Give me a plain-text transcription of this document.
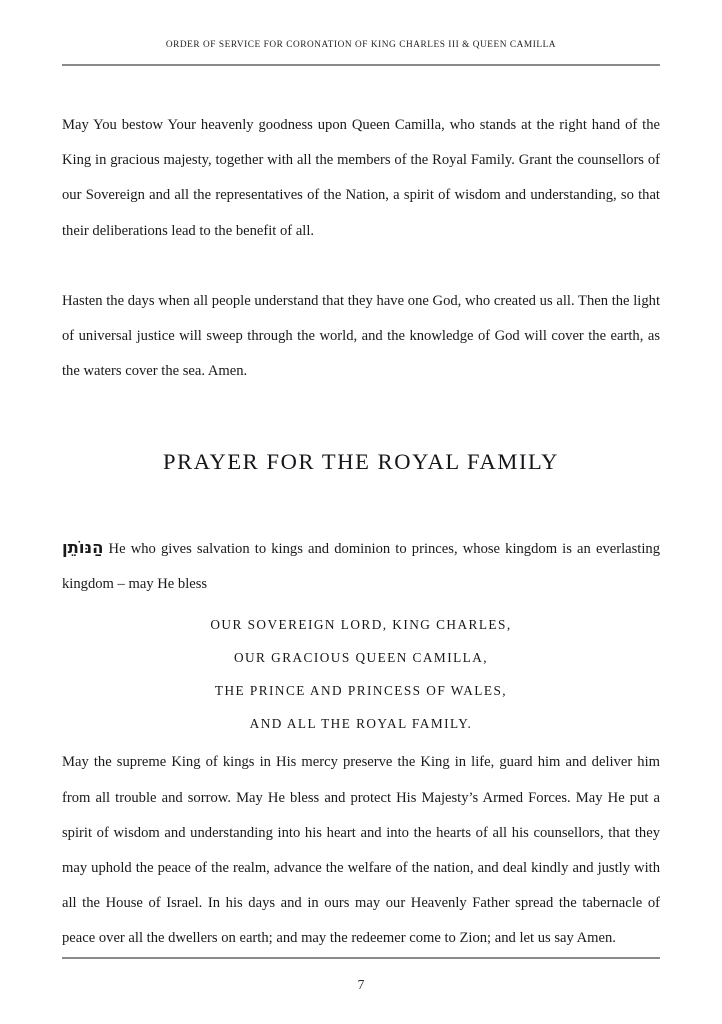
ORDER OF SERVICE FOR CORONATION OF KING CHARLES III & QUEEN CAMILLA

May You bestow Your heavenly goodness upon Queen Camilla, who stands at the right hand of the King in gracious majesty, together with all the members of the Royal Family. Grant the counsellors of our Sovereign and all the representatives of the Nation, a spirit of wisdom and understanding, so that their deliberations lead to the benefit of all.

Hasten the days when all people understand that they have one God, who created us all. Then the light of universal justice will sweep through the world, and the knowledge of God will cover the earth, as the waters cover the sea. Amen.

PRAYER FOR THE ROYAL FAMILY

הַנּוֹתֵן He who gives salvation to kings and dominion to princes, whose kingdom is an everlasting kingdom – may He bless

OUR SOVEREIGN LORD, KING CHARLES,
OUR GRACIOUS QUEEN CAMILLA,
THE PRINCE AND PRINCESS OF WALES,
AND ALL THE ROYAL FAMILY.

May the supreme King of kings in His mercy preserve the King in life, guard him and deliver him from all trouble and sorrow. May He bless and protect His Majesty’s Armed Forces. May He put a spirit of wisdom and understanding into his heart and into the hearts of all his counsellors, that they may uphold the peace of the realm, advance the welfare of the nation, and deal kindly and justly with all the House of Israel. In his days and in ours may our Heavenly Father spread the tabernacle of peace over all the dwellers on earth; and may the redeemer come to Zion; and let us say Amen.

7
